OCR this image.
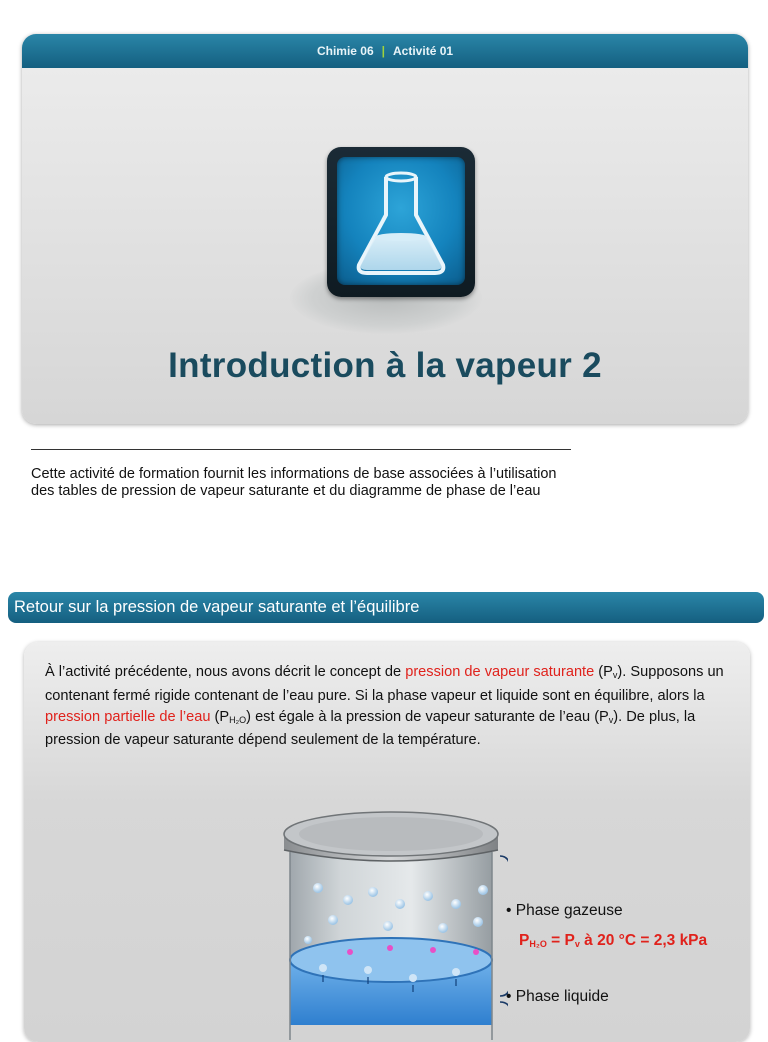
Chimie 06 | Activité 01
Introduction à la vapeur 2
Cette activité de formation fournit les informations de base associées à l’utilisation
des tables de pression de vapeur saturante et du diagramme de phase de l’eau
Retour sur la pression de vapeur saturante et l’équilibre
À l’activité précédente, nous avons décrit le concept de pression de vapeur saturante $(P_v)$. Supposons un contenant fermé rigide contenant de l’eau pure. Si la phase vapeur et liquide sont en équilibre, alors la pression partielle de l’eau $(P_{H_2O})$ est égale à la pression de vapeur saturante de l’eau $(P_v)$. De plus, la pression de vapeur saturante dépend seulement de la température.
• Phase gazeuse
$P_{H_2O} = P_v$ à 20 °C = 2,3 kPa
• Phase liquide
